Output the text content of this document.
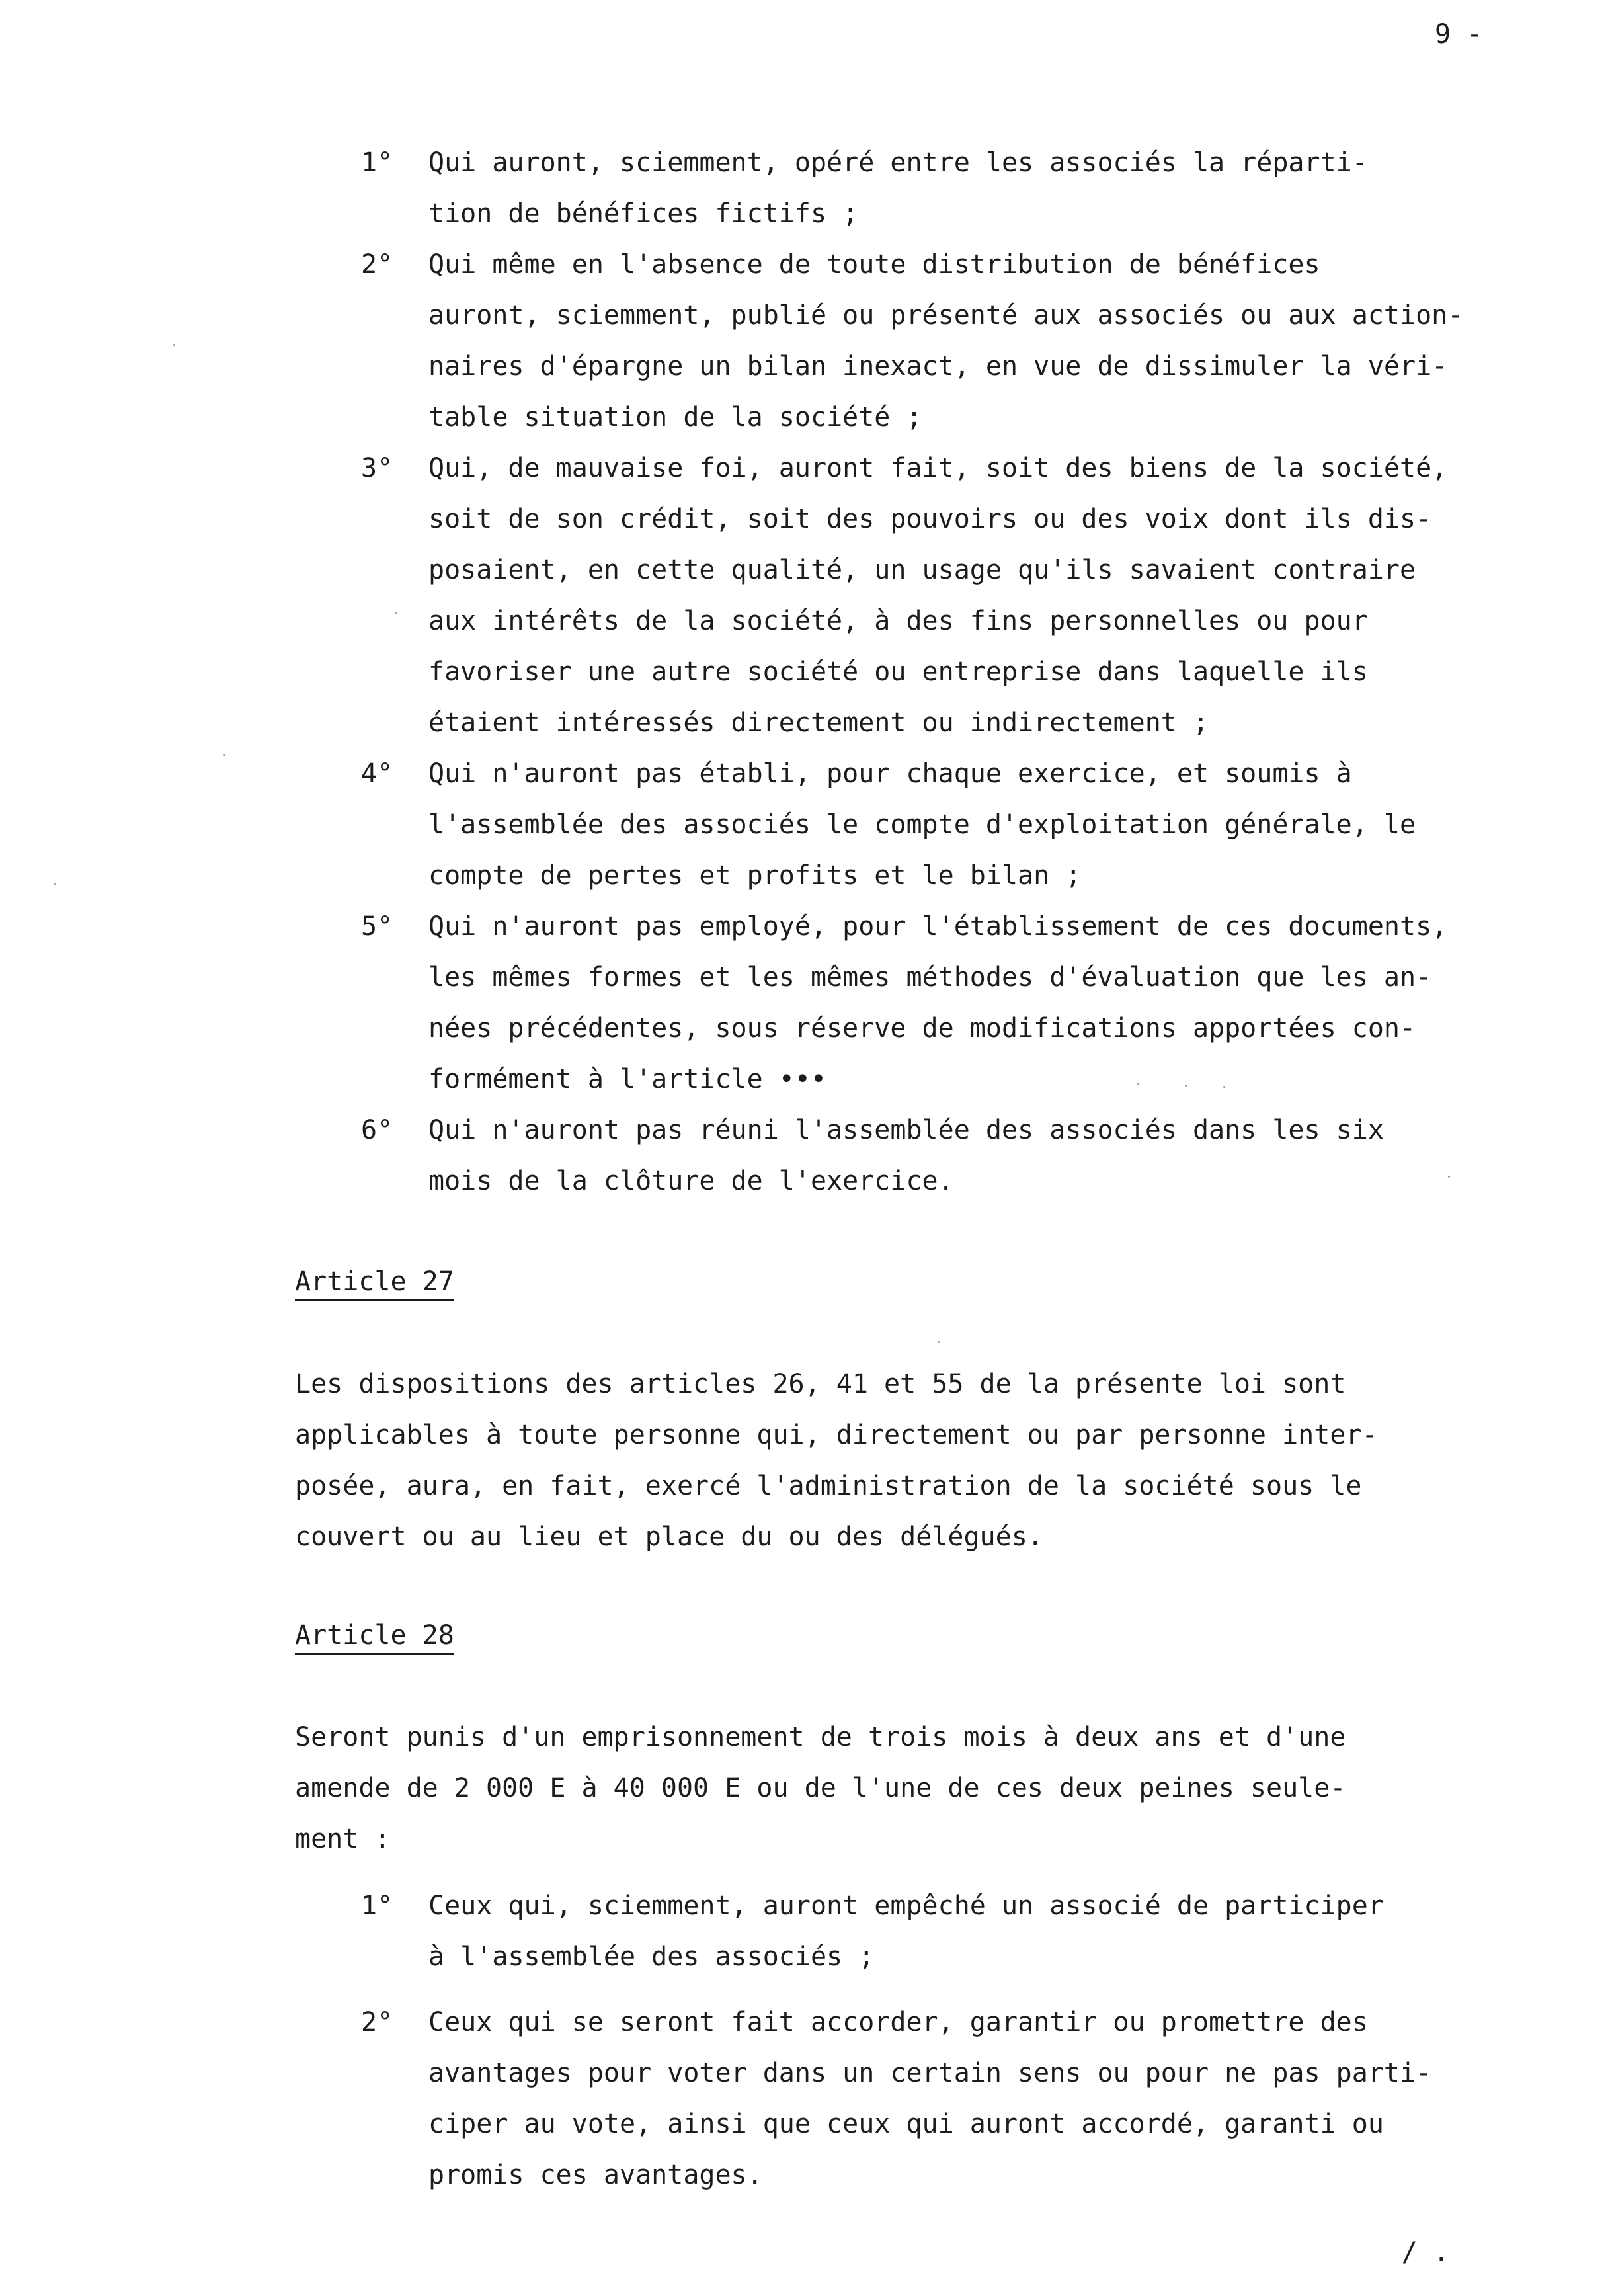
9 -
1° Qui auront, sciemment, opéré entre les associés la réparti-
tion de bénéfices fictifs ;
2° Qui même en l'absence de toute distribution de bénéfices
auront, sciemment, publié ou présenté aux associés ou aux action-
naires d'épargne un bilan inexact, en vue de dissimuler la véri-
table situation de la société ;
3° Qui, de mauvaise foi, auront fait, soit des biens de la société,
soit de son crédit, soit des pouvoirs ou des voix dont ils dis-
posaient, en cette qualité, un usage qu'ils savaient contraire
aux intérêts de la société, à des fins personnelles ou pour
favoriser une autre société ou entreprise dans laquelle ils
étaient intéressés directement ou indirectement ;
4° Qui n'auront pas établi, pour chaque exercice, et soumis à
l'assemblée des associés le compte d'exploitation générale, le
compte de pertes et profits et le bilan ;
5° Qui n'auront pas employé, pour l'établissement de ces documents,
les mêmes formes et les mêmes méthodes d'évaluation que les an-
nées précédentes, sous réserve de modifications apportées con-
formément à l'article •••
6° Qui n'auront pas réuni l'assemblée des associés dans les six
mois de la clôture de l'exercice.
Article 27
Les dispositions des articles 26, 41 et 55 de la présente loi sont
applicables à toute personne qui, directement ou par personne inter-
posée, aura, en fait, exercé l'administration de la société sous le
couvert ou au lieu et place du ou des délégués.
Article 28
Seront punis d'un emprisonnement de trois mois à deux ans et d'une
amende de 2 000 E à 40 000 E ou de l'une de ces deux peines seule-
ment :
1° Ceux qui, sciemment, auront empêché un associé de participer
à l'assemblée des associés ;
2° Ceux qui se seront fait accorder, garantir ou promettre des
avantages pour voter dans un certain sens ou pour ne pas parti-
ciper au vote, ainsi que ceux qui auront accordé, garanti ou
promis ces avantages.
/ .
